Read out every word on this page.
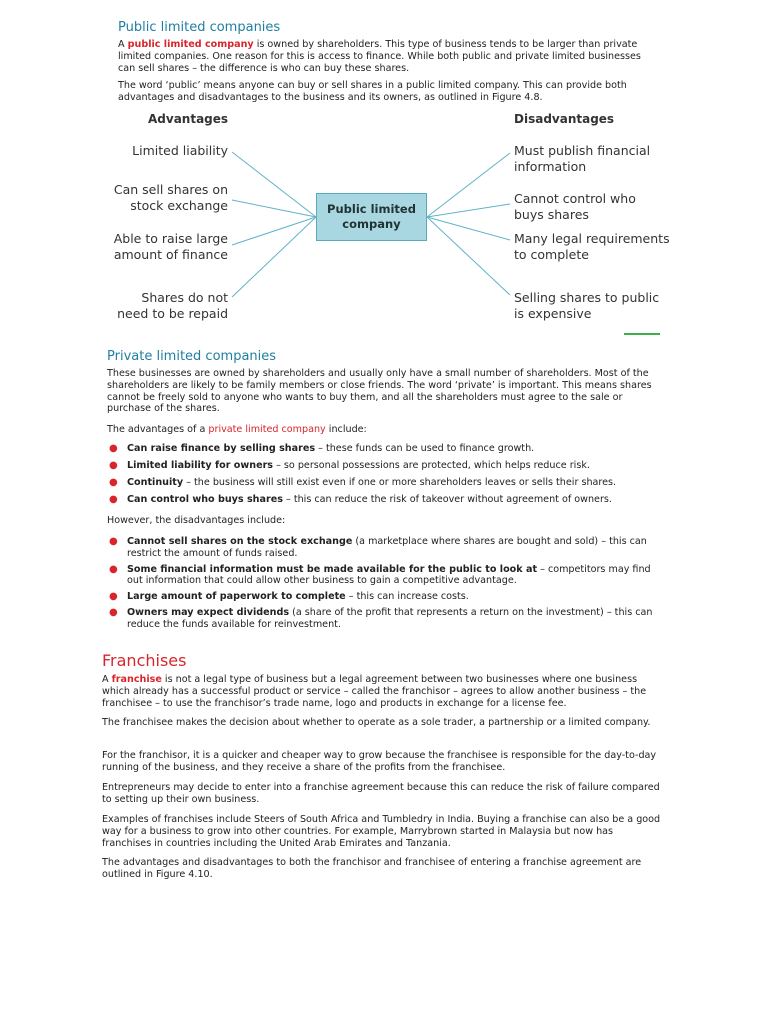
Public limited companies

A public limited company is owned by shareholders. This type of business tends to be larger than private limited companies. One reason for this is access to finance. While both public and private limited businesses can sell shares – the difference is who can buy these shares.

The word ‘public’ means anyone can buy or sell shares in a public limited company. This can provide both advantages and disadvantages to the business and its owners, as outlined in Figure 4.8.

Advantages	Disadvantages
Public limited
company
Limited liability
Can sell shares on
stock exchange
Able to raise large
amount of finance
Shares do not
need to be repaid
Must publish financial
information
Cannot control who
buys shares
Many legal requirements
to complete
Selling shares to public
is expensive
Private limited companies

These businesses are owned by shareholders and usually only have a small number of shareholders. Most of the shareholders are likely to be family members or close friends. The word ‘private’ is important. This means shares cannot be freely sold to anyone who wants to buy them, and all the shareholders must agree to the sale or purchase of the shares.

The advantages of a private limited company include:

● Can raise finance by selling shares – these funds can be used to finance growth.
● Limited liability for owners – so personal possessions are protected, which helps reduce risk.
● Continuity – the business will still exist even if one or more shareholders leaves or sells their shares.
● Can control who buys shares – this can reduce the risk of takeover without agreement of owners.

However, the disadvantages include:

● Cannot sell shares on the stock exchange (a marketplace where shares are bought and sold) – this can restrict the amount of funds raised.
● Some financial information must be made available for the public to look at – competitors may find out information that could allow other business to gain a competitive advantage.
● Large amount of paperwork to complete – this can increase costs.
● Owners may expect dividends (a share of the profit that represents a return on the investment) – this can reduce the funds available for reinvestment.
Franchises

A franchise is not a legal type of business but a legal agreement between two businesses where one business which already has a successful product or service – called the franchisor – agrees to allow another business – the franchisee – to use the franchisor’s trade name, logo and products in exchange for a license fee.

The franchisee makes the decision about whether to operate as a sole trader, a partnership or a limited company.

For the franchisor, it is a quicker and cheaper way to grow because the franchisee is responsible for the day-to-day running of the business, and they receive a share of the profits from the franchisee.

Entrepreneurs may decide to enter into a franchise agreement because this can reduce the risk of failure compared to setting up their own business.

Examples of franchises include Steers of South Africa and Tumbledry in India. Buying a franchise can also be a good way for a business to grow into other countries. For example, Marrybrown started in Malaysia but now has franchises in countries including the United Arab Emirates and Tanzania.

The advantages and disadvantages to both the franchisor and franchisee of entering a franchise agreement are outlined in Figure 4.10.
